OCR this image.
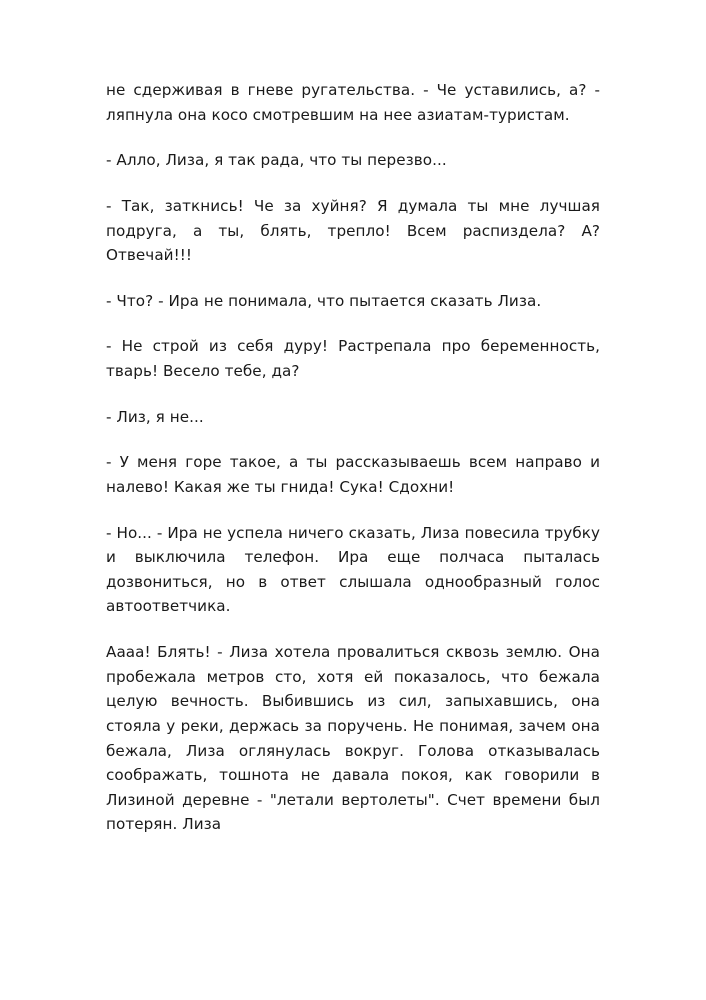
не сдерживая в гневе ругательства. - Че уставились, а? - ляпнула она косо смотревшим на нее азиатам-туристам.

- Алло, Лиза, я так рада, что ты перезво...

- Так, заткнись! Че за хуйня? Я думала ты мне лучшая подруга, а ты, блять, трепло! Всем распиздела? А? Отвечай!!!

- Что? - Ира не понимала, что пытается сказать Лиза.

- Не строй из себя дуру! Растрепала про беременность, тварь! Весело тебе, да?

- Лиз, я не...

- У меня горе такое, а ты рассказываешь всем направо и налево! Какая же ты гнида! Сука! Сдохни!

- Но... - Ира не успела ничего сказать, Лиза повесила трубку и выключила телефон. Ира еще полчаса пыталась дозвониться, но в ответ слышала однообразный голос автоответчика.

Аааа! Блять! - Лиза хотела провалиться сквозь землю. Она пробежала метров сто, хотя ей показалось, что бежала целую вечность. Выбившись из сил, запыхавшись, она стояла у реки, держась за поручень. Не понимая, зачем она бежала, Лиза оглянулась вокруг. Голова отказывалась соображать, тошнота не давала покоя, как говорили в Лизиной деревне - "летали вертолеты". Счет времени был потерян. Лиза
